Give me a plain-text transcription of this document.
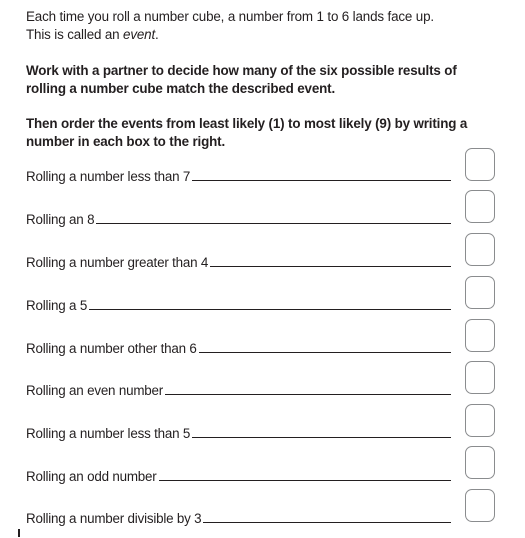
Each time you roll a number cube, a number from 1 to 6 lands face up.
This is called an event.
Work with a partner to decide how many of the six possible results of rolling a number cube match the described event.
Then order the events from least likely (1) to most likely (9) by writing a number in each box to the right.
Rolling a number less than 7
Rolling an 8
Rolling a number greater than 4
Rolling a 5
Rolling a number other than 6
Rolling an even number
Rolling a number less than 5
Rolling an odd number
Rolling a number divisible by 3
